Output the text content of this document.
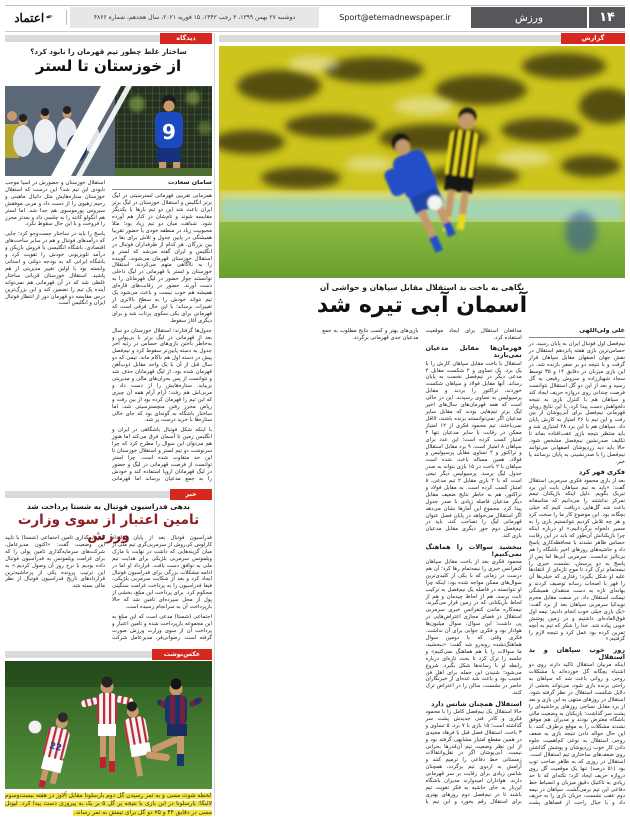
۱۴
ورزش
Sport@etemadnewspaper.ir
دوشنبه ۲۷ بهمن ۱۳۹۹، ۳ رجب ۱۴۴۲، ۱۵ فوریه ۲۰۲۱، سال هجدهم، شماره ۴۸۶۶
✒
اعتماد
گزارش
نگاهی به باخت بد استقلال مقابل سپاهان و حواشی آن
آسمان آبی تیره شد
علی ولی‌اللهی

نیم‌فصل اول فوتبال ایران به پایان رسید. در حساس‌ترین بازی هفته پانزدهم استقلال در نقش جهان اصفهان مقابل سپاهان قرار گرفت و با نتیجه دو بر صفر بازنده شد. در این بازی میزبان در دقایق ۱۴ و ۳۵ توسط سجاد شهباززاده و سروش رفیعی به گل رسید و بعد از این دو گل استقلال نتوانست فرصت چندانی روی دروازه حریف ایجاد کند و سپاهان هم با کنترل بازی به نتیجه دلخواهش دست پیدا کرد. با این نتایج رویای قهرمانی نیم‌فصل برای آبی‌پوشان از بین رفت و این تیم با ۲۶ امتیاز به کارش پایان داد. سپاهان هم با این برد ۲۸ امتیازی شد و باید منتظر نتیجه بازی عقب‌افتاده بماند تا تکلیف صدرنشین نیم‌فصل مشخص شود. حالا باید دید زردپوشان اصفهانی می‌توانند نیم‌فصل را با صدرنشینی به پایان برسانند یا خیر.

فکری قهر کرد

بعد از بازی محمود فکری سرمربی استقلال گفت: «باید به تیم سپاهان بابت این برد تبریک بگویم. دلیل اینکه بازیکنان تیمم تمرکز نداشتند را می‌دانیم که متاسفانه باعث شد گل‌هایی دریافت کنیم که خیلی بچگانه بود. این موضوع کار ما را سخت کرد و هر چه تلاش کردیم نتوانستیم بازی را به مسیر دلخواه برگردانیم.» او درباره اینکه چرا بازیکنانش آن‌طور که باید در این رقابت حساس ظاهر نشدند با محافظه‌کاری پاسخ داد و حاشیه‌های روزهای اخیر باشگاه را هم بی‌تاثیر ندانست. سرمربی آبی‌ها اما پس از پاسخ به دو پرسش، نشست خبری را نیمه‌تمام ترک کرد تا موج تازه‌ای از انتقادها علیه او شکل بگیرد؛ رفتاری که خیلی‌ها آن را قهر با اصحاب رسانه توصیف کردند و بهانه‌ای تازه به دست منتقدان همیشگی نیمکت استقلال داد. در سمت مقابل محرم نویدکیا سرمربی سپاهان بعد از برد گفت: «یک بازی خیلی خوب انجام دادیم؛ نیمه اول فوق‌العاده‌ای داشتیم و در زمین پوشش خوبی پیاده شد. خدا را شکر که تیم به آنچه تمرین کرده بود عمل کرد و نتیجه لازم را گرفتیم.»

روز خوب سپاهان و بد استقلال

اینکه مربیان استقلال تاکید دارند روی دو اشتباه بچگانه گل خورده‌اند یا مشکلات روحی و روانی باعث شد که سپاهان به راحتی برنده بازی شود، می‌تواند بخشی از دلایل شکست استقلال در نظر گرفته شود. استقلال در روزهای منتهی به این بازی و بعد از برد مقابل نساجی روزهای پرحاشیه‌ای را پشت سر گذاشت؛ بازیکنان به وضعیت مالی باشگاه معترض بودند و مدیران هم موفق نشدند مشکلات را به موقع برطرف کنند. با این حال حواله دادن نتیجه بازی به ضعف روحی استقلال به نوعی کم‌اهمیت جلوه دادن کار خوب زردپوشان و پوشش گذاشتن روی ضعف‌های ساختاری تیم استقلال است. استقلال در روزی که به ظاهر صاحب توپ بود (۵۱ درصد) تنها یک موقعیت گل روی دروازه حریف ایجاد کرد؛ نکته‌ای که تا حد زیادی به تاکتیک دقیق میزبان و انضباط خط دفاعی این تیم برمی‌گشت. سپاهان در نیمه دوم عقب نشست، جریان بازی را به حریف داد و با خیال راحت از فضاهای پشت مدافعان استقلال برای ایجاد موقعیت استفاده کرد.

قهرمان‌ها مقابل مدعیان نمی‌بازند

استقلال با باخت مقابل سپاهان کارش را با یک برد، یک تساوی و ۲ شکست مقابل ۴ مدعی دیگر در نیم‌فصل نخست به پایان رساند. آنها مقابل فولاد و سپاهان شکست خوردند، تراکتور را بردند و مقابل پرسپولیس به تساوی رسیدند. این در حالی است که همه قهرمان‌های سال‌های اخیر لیگ برتر تیم‌هایی بودند که مقابل سایر مدعیان اگر نمی‌توانستند برنده باشند، لااقل نمی‌باختند. تیم محمود فکری از ۱۲ امتیاز ممکن در رقابت با سایر مدعیان تنها ۴ امتیاز کسب کرده است؛ این عدد برای سپاهان ۸ امتیاز است. ۹ برد مقابل استقلال و تراکتور و ۲ تساوی مقابل پرسپولیس و فولاد، همین مساله باعث شده است سپاهان با ۲ باخت در ۱۵ بازی بتواند به صدر جدول لیگ برسد. پرسپولیس دیگر تیمی است که با ۲ بازی مقابل ۲ تیم مدعی، ۸ امتیاز کسب کرده است. به مقابل فولاد و تراکتور، هم به خاطر نتایج ضعیف مقابل دیگر مدعیان فاصله زیادی با صدر جدول پیدا کرد. مجموع این آمارها نشان می‌دهد اگر استقلال می‌خواهد در پایان فصل عنوان قهرمانی لیگ را تصاحب کند، باید در نیم‌فصل دوم جور دیگری مقابل مدعیان بازی کند.

ببخشید سوالات را هماهنگ نمی‌کنیم!

محمود فکری بعد از باخت مقابل سپاهان کنفرانس خبری را نیمه‌تمام رها کرد؛ آن هم درست در زمانی که با یکی از کلیدی‌ترین سوال‌های ممکن مواجه شده بود: اینکه چرا او نتوانسته در فاصله یک نیم‌فصل به ترکیب ثابت برسد، هم از لحاظ چیدمان و هم از لحاظ بازیکنانی که در زمین قرار می‌گیرند. نیمه‌کاره ماندن کنفرانس خبری سرمربی استقلال در فضای مجازی اعتراض‌هایی در پی داشت؛ این سوال، سوال میلیون‌ها هوادار بود و فکری جوابی برای آن نداشت. فکری وقتی که با دومین سوال هماهنگ‌نشده روبه‌رو شد گفت: «ببخشید، ما سوالات را با هم هماهنگ نمی‌کنیم» و جلسه را ترک کرد تا بحث تازه‌ای درباره رابطه او با رسانه‌ها شکل بگیرد. شروع می‌شود؛ شنیدن این جمله برای اهل فن عجیب بود و باعث شد عده‌ای از خبرنگاران حاضر در نشست، سالن را در اعتراض ترک کنند.

استقلال همچنان شانس دارد

حالا استقلال یک نیم‌فصل کامل را با محمود فکری و کادر فنی جدیدش پشت سر گذاشته است؛ ۱۵ بازی با ۷ برد، ۵ تساوی و ۳ باخت. استقلال فصل قبل با فرهاد مجیدی در همین مقطع امتیاز مشابهی گرفته بود و از این نظر وضعیت تیم آن‌قدرها بحرانی نیست. آبی‌پوشان اگر در نقل‌وانتقالات زمستانی خط دفاعی را ترمیم کنند و آرامش به اردوی تیم برگردد، همچنان شانس زیادی برای رقابت بر سر قهرمانی دارند. هواداران امیدوارند مدیران باشگاه این‌بار به جای حاشیه به فکر تقویت تیم باشند تا در نیم‌فصل دوم روزهای بهتری برای استقلال رقم بخورد و این تیم با بازی‌های بهتر و کسب نتایج مطلوب به جمع مدعیان جدی قهرمانی برگردد.

دیدگاه
ساختار غلط چطور تیم قهرمان را نابود کرد؟
از خوزستان تا لستر
9
سامان سعادت

همزمانی تقریبی قهرمانی لسترسیتی در لیگ برتر انگلیس و استقلال خوزستان در لیگ برتر ایران باعث شد این دو تیم بارها با یکدیگر مقایسه شوند و نام‌شان در کنار هم آورده شود. شباهت میان دو تیم زیاد بود؛ مثلا محبوبیت زیاد در منطقه خودی یا حضور تقریبا همیشگی در پایین جدول و تلاش برای بقا در بین بزرگان. هر کدام از طرفداران فوتبال در انگلیس و ایران گفته می‌شد که لستر و استقلال خوزستان قهرمان می‌شوند، گوینده را به ناآگاهی متهم می‌کردند. استقلال خوزستان و لستر با قهرمانی در لیگ داخلی توانستند جواز حضور در لیگ قهرمانان را به دست آورند. حضور در رقابت‌های قاره‌ای همیشه هم خوب نیست و باعث می‌شود یک تیم نتواند خودش را به سطح بالاتری از تغییرات برساند؛ با این حال فرقی است که قهرمانی برای یکی سکوی پرتاب شد و برای دیگری آغاز سقوط.

جدول‌ها گرفتارند؛ استقلال خوزستان دو سال بعد از قهرمانی در لیگ برتر با بی‌پولی و به‌خاطر باختن بازی‌های حساس در رتبه آخر جدول به دسته پایین‌تر سقوط کرد و نیم‌فصل پیش در دسته اول هم ناکام ماند. تیمی که دو سال قبل از آن با یک واحد مقابل ذوب‌آهن قهرمان شده بود، از لیگ قهرمانان حذف شد و نتوانست از پس بحران‌های مالی و مدیریتی بربیاید. ستاره‌هایش را از دست داد و مربی‌اش هم رفت؛ آرام آرام همه آن چیزی که این تیم را قهرمان کرده بود از بین رفت و ریاض محرز رفتن منچسترسیتی شد، اما ساختار باشگاه به گونه‌ای بود که جای خالی ستاره‌ها با خرید درست پر شد.

با اینکه شکل فوتبال باشگاهی در ایران و انگلیس زمین تا آسمان فرق می‌کند اما هنوز هم می‌توان این سوال را مطرح کرد که چرا سرنوشت دو تیم لستر و استقلال خوزستان تا این حد متفاوت شده است. چرا لستر توانست از فرصت قهرمانی در لیگ و حضور در لیگ قهرمانان اروپا استفاده کند و خودش را به جمع مدعیان برساند اما قهرمانی استقلال خوزستان و حضورش در آسیا موجب نابودی این تیم شد؟ این درست که استقلال خوزستان ستاره‌هایش مثل دانیال ماهینی و رحیم زهیوی را از دست داد و مربی موفقش سیروس پورموسوی هم جدا شد، اما لستر هم انگولو کانته را به چلسی داد و بعدتر محرز را فروخت و با این حال سقوط نکرد.

پاسخ را باید در ساختار جست‌وجو کرد؛ جایی که درآمدهای فوتبال و هم در سایر ساخت‌های اقتصادی، باشگاه انگلیسی با فروش بازیکن و درآمد تلویزیونی خودش را تقویت کرد و باشگاه ایرانی که به بودجه دولتی و استانی وابسته بود با اولین تغییر مدیریتی از هم پاشید. استقلال خوزستان قربانی ساختار غلطی شد که در آن قهرمانی هم نمی‌تواند آینده یک تیم را تضمین کند و این بزرگ‌ترین درس مقایسه دو قهرمان دور از انتظار فوتبال ایران و انگلیس است.

خبر
بدهی فدراسیون فوتبال به شستا پرداخت شد
تامین اعتبار از سوی وزارت ورزش

فدراسیون فوتبال بعد از پایان قرارداد کارلوس کی‌روش از سرمربی‌گری تیم ملی از میان گزینه‌هایی که داشت در نهایت با مارک ویلموتس سرمربی بلژیکی برای هدایت تیم ملی به توافق دست یافت. قرارداد او اما در ادامه مشکلات بزرگی برای فدراسیون فوتبال ایجاد کرد و بعد از شکایت سرمربی بلژیکی، فیفا فدراسیون را به پرداخت غرامت سنگینی محکوم کرد. برای پرداخت این مبلغ، بخشی از پول از محل سپرده‌ای تامین شد که حالا بازپرداخت آن به سرانجام رسیده است.

اجتماعی (شستا) مدعی است که این مبلغ به این مجموعه بازپرداخت شده و تامین اعتبار و پرداخت آن از سوی وزارت ورزش صورت گرفته است. رضوانی‌فر، مدیرعامل شرکت سرمایه‌گذاری تامین اجتماعی (شستا) با تایید این وضعیت گفت: «اکنون مدیرعامل، شرکت‌های سرمایه‌گذاری تامین پولی را که برای غرامت ویلموتس به فدراسیون فوتبال داده بودیم با نرخ روز آن وصول کردیم.» به این ترتیب پرونده یکی از پرحاشیه‌ترین قراردادهای تاریخ فدراسیون فوتبال از نظر مالی بسته شد.

عکس‌نوشت
22
لحظه شوت مسی و به ثمر رسیدن گل دوم بارسلونا مقابل آلاوز در هفته بیست‌وسوم لالیگا؛ بارسلونا در این بازی با نتیجه پر گل ۵ بر یک به پیروزی دست پیدا کرد. لیونل مسی در دقایق ۴۴ و ۷۵ دو گل برای تیمش به ثمر رساند.
